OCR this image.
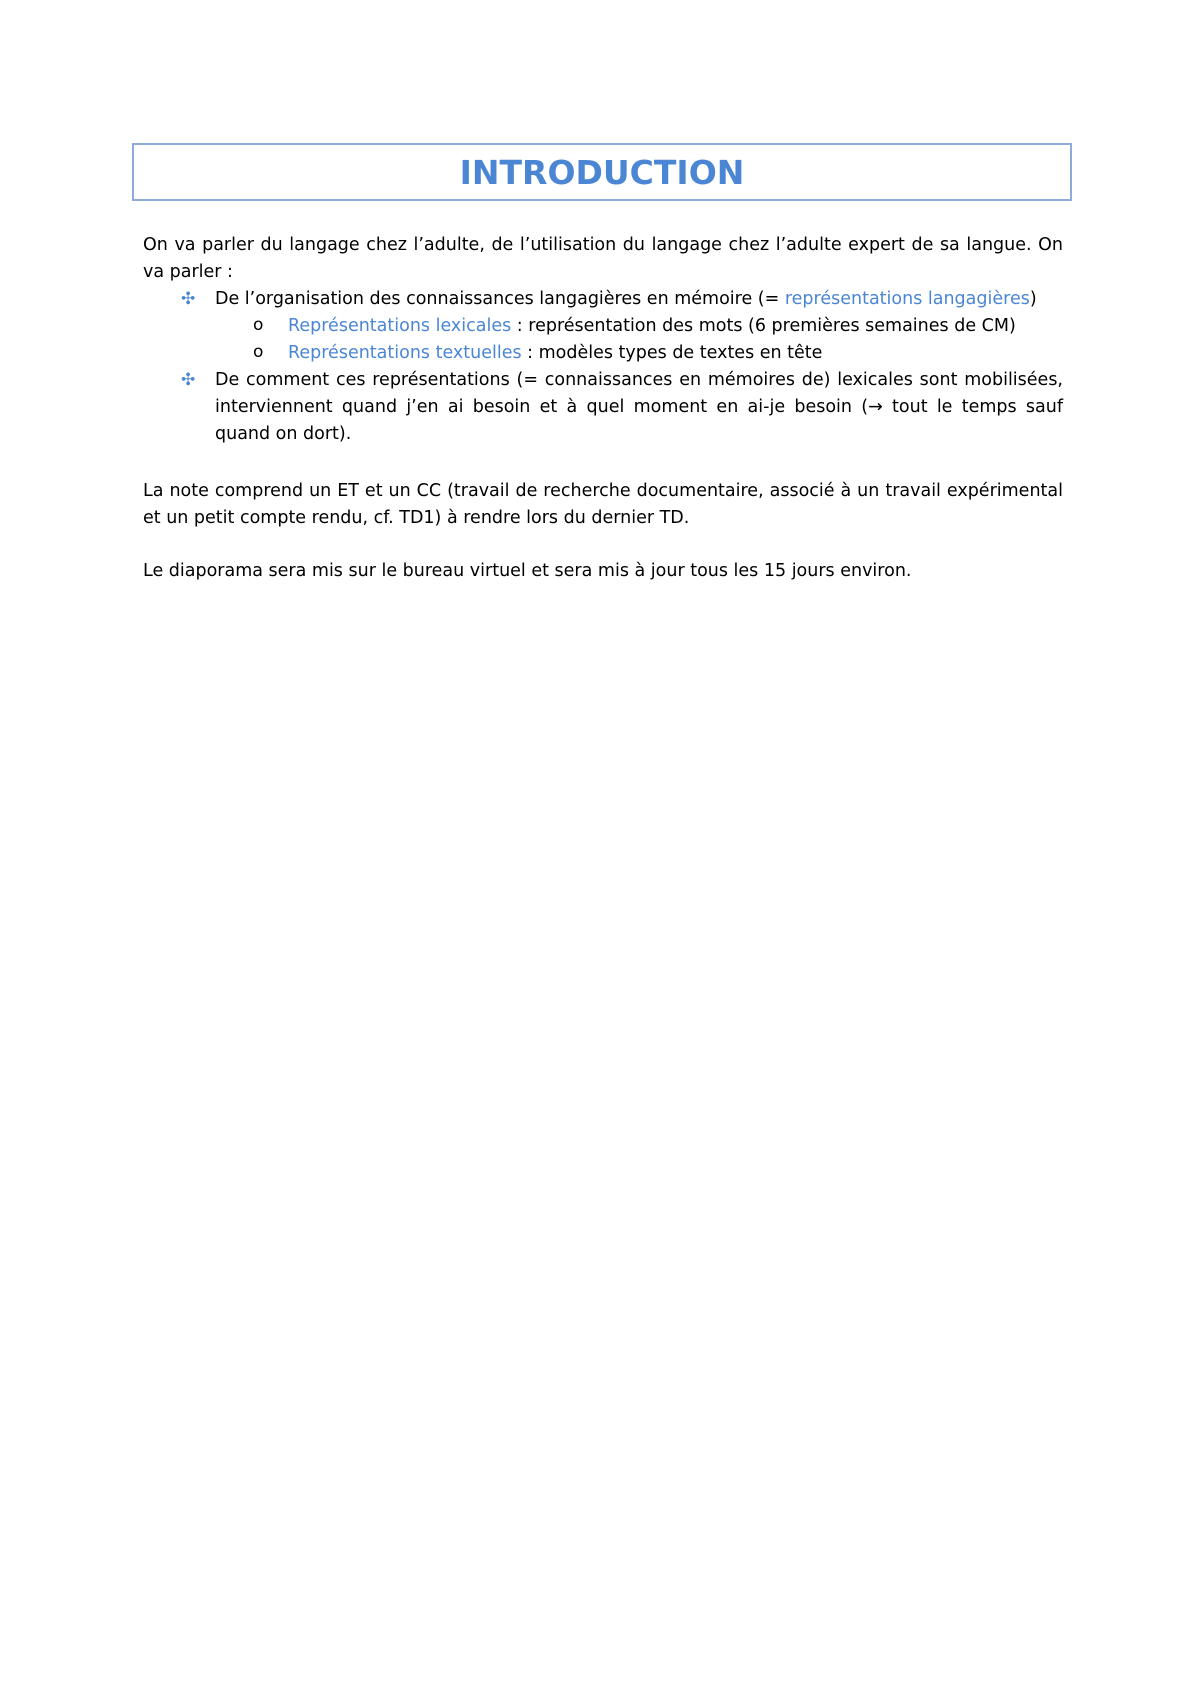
INTRODUCTION
On va parler du langage chez l’adulte, de l’utilisation du langage chez l’adulte expert de sa langue. On
va parler :
✣ De l’organisation des connaissances langagières en mémoire (= représentations langagières)
o Représentations lexicales : représentation des mots (6 premières semaines de CM)
o Représentations textuelles : modèles types de textes en tête
✣ De comment ces représentations (= connaissances en mémoires de) lexicales sont mobilisées,
interviennent quand j’en ai besoin et à quel moment en ai-je besoin (→ tout le temps sauf
quand on dort).
La note comprend un ET et un CC (travail de recherche documentaire, associé à un travail expérimental
et un petit compte rendu, cf. TD1) à rendre lors du dernier TD.
Le diaporama sera mis sur le bureau virtuel et sera mis à jour tous les 15 jours environ.
